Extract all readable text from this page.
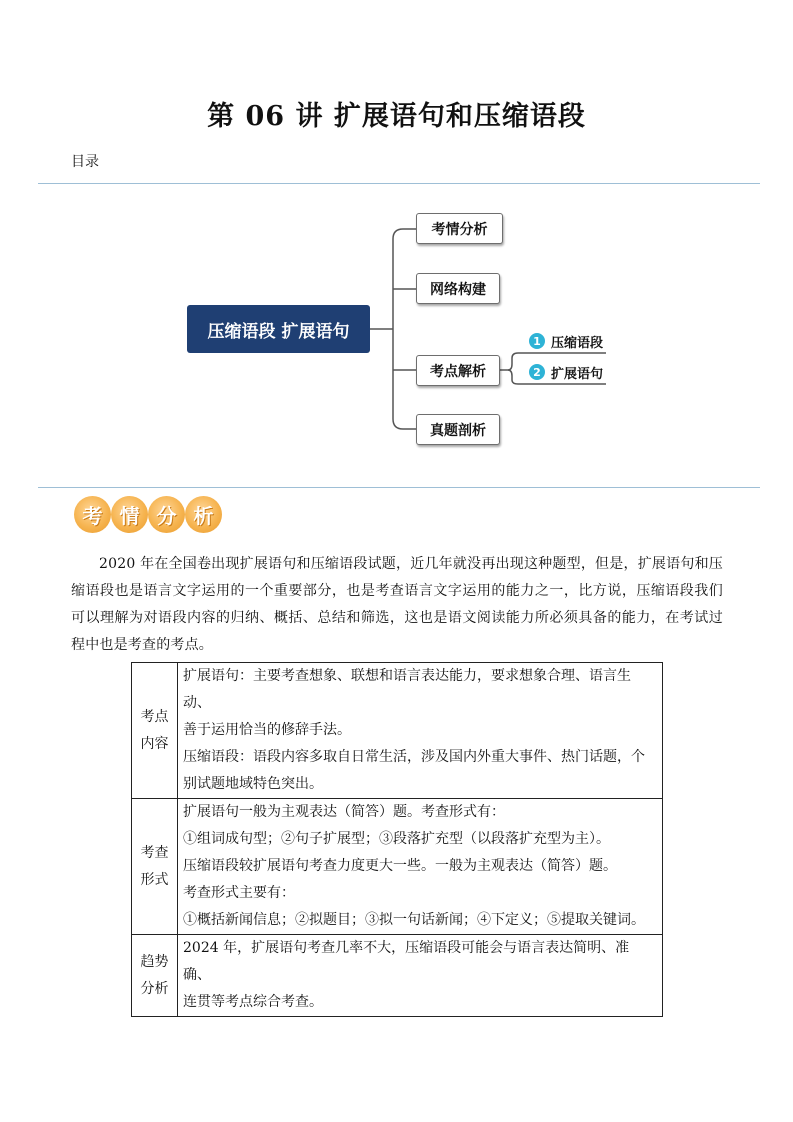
第 06 讲 扩展语句和压缩语段
目录
压缩语段 扩展语句
考情分析
网络构建
考点解析
真题剖析
1 压缩语段
2 扩展语句
考 情 分 析
2020 年在全国卷出现扩展语句和压缩语段试题，近几年就没再出现这种题型，但是，扩展语句和压缩语段也是语言文字运用的一个重要部分，也是考查语言文字运用的能力之一，比方说，压缩语段我们可以理解为对语段内容的归纳、概括、总结和筛选，这也是语文阅读能力所必须具备的能力，在考试过程中也是考查的考点。
考点
内容	扩展语句：主要考查想象、联想和语言表达能力，要求想象合理、语言生动、
善于运用恰当的修辞手法。
压缩语段：语段内容多取自日常生活，涉及国内外重大事件、热门话题，个
别试题地域特色突出。

考查
形式	扩展语句一般为主观表达（简答）题。考查形式有：
①组词成句型；②句子扩展型；③段落扩充型（以段落扩充型为主）。
压缩语段较扩展语句考查力度更大一些。一般为主观表达（简答）题。
考查形式主要有：
①概括新闻信息；②拟题目；③拟一句话新闻；④下定义；⑤提取关键词。

趋势
分析	2024 年，扩展语句考查几率不大，压缩语段可能会与语言表达简明、准确、
连贯等考点综合考查。
